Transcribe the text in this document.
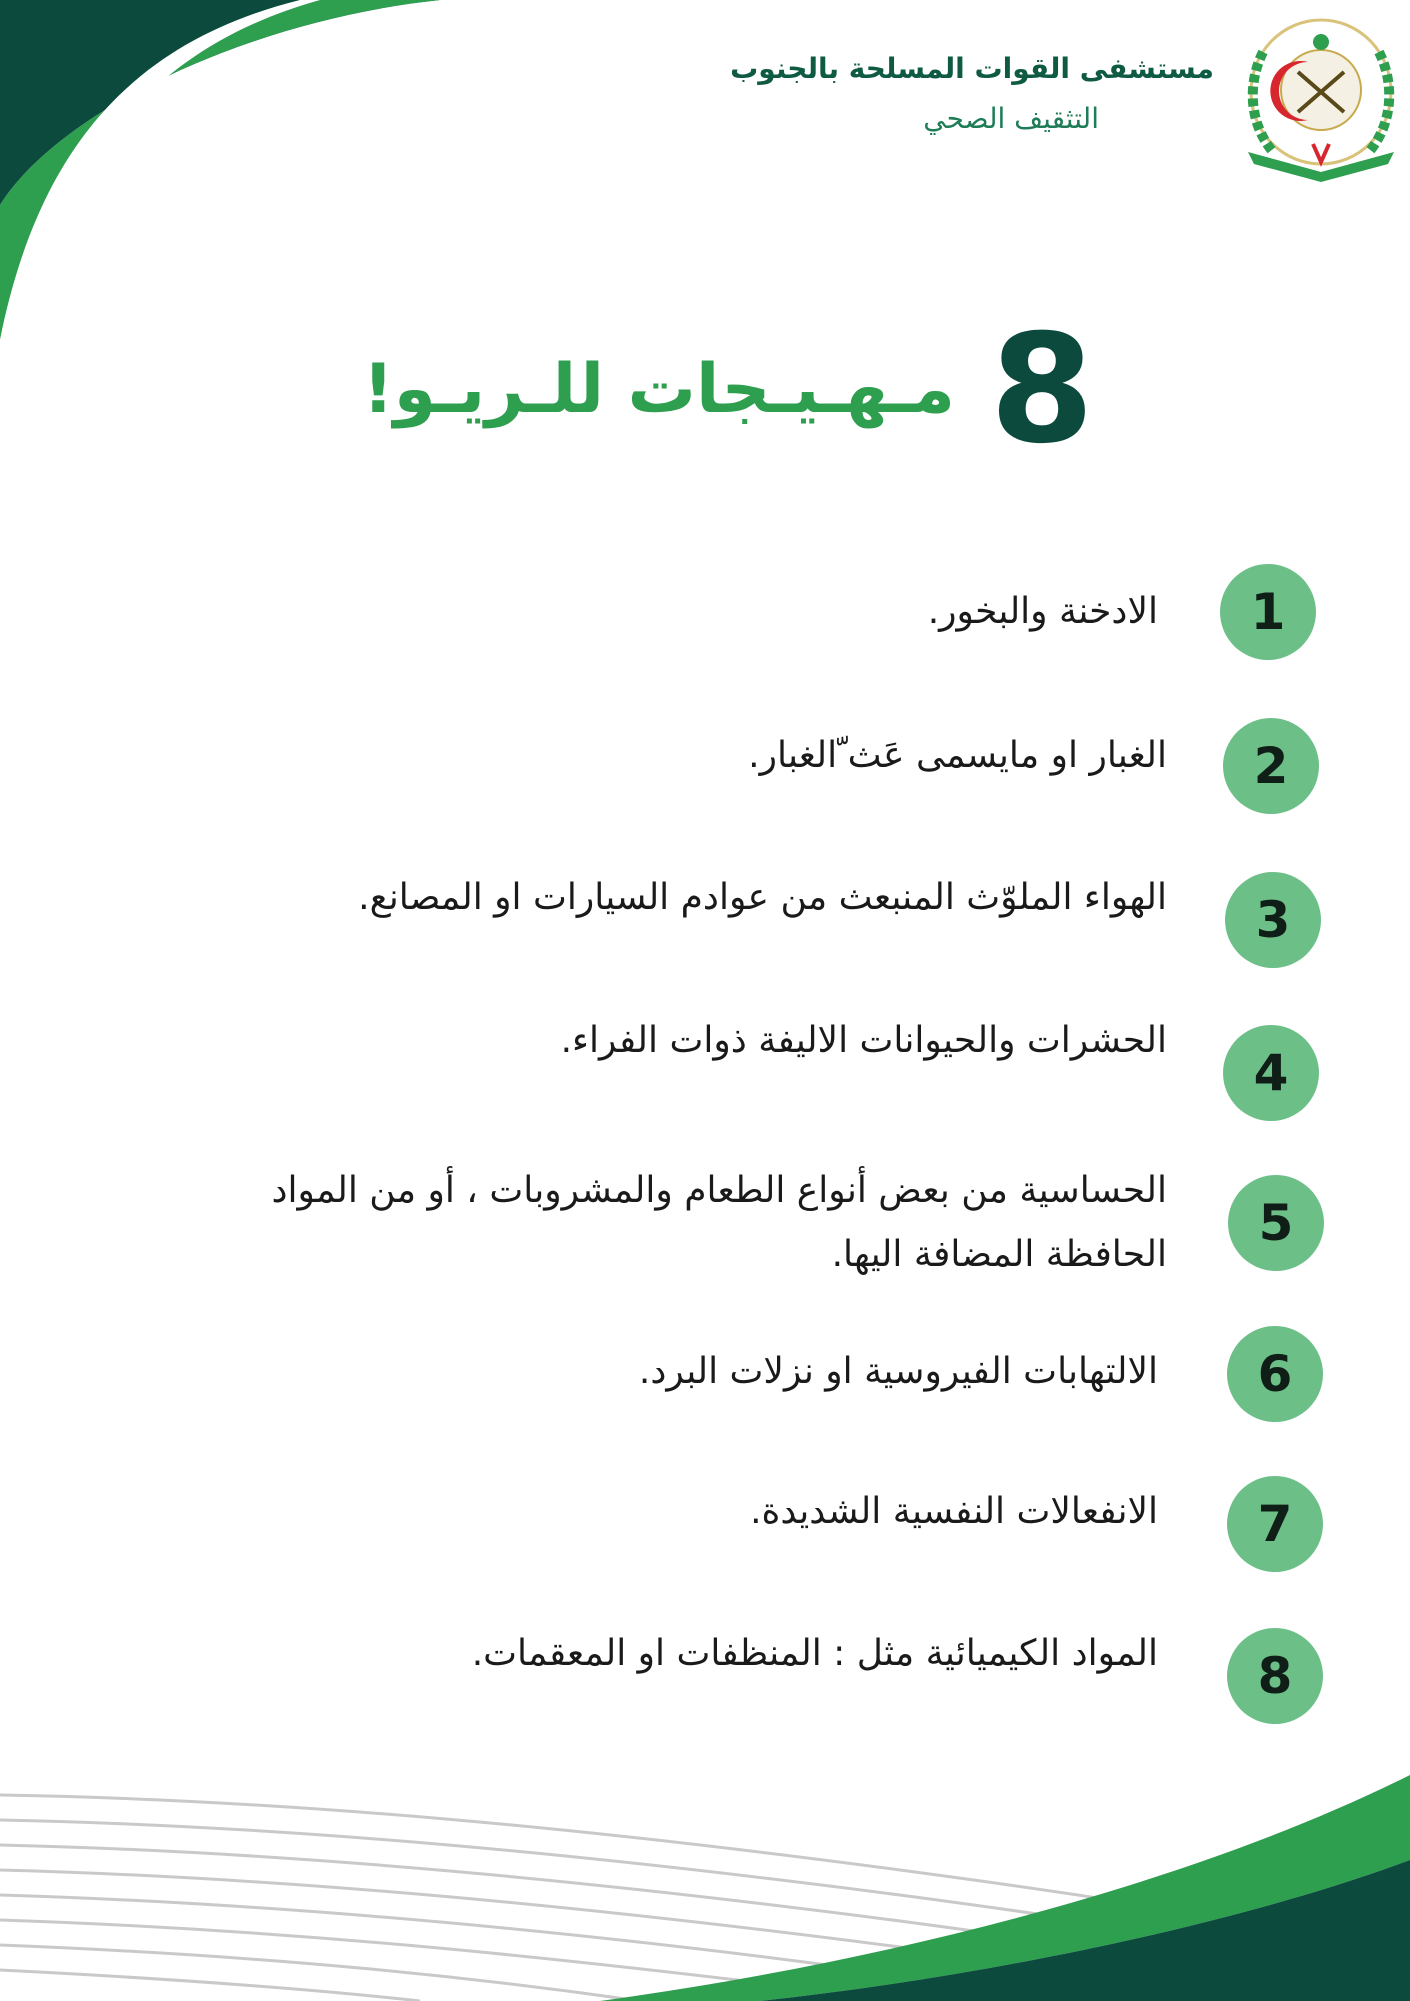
مستشفى القوات المسلحة بالجنوب
التثقيف الصحي
8
مـهـيـجات للـريـو!
1
الادخنة والبخور.
2
الغبار او مايسمى عَث ّالغبار.
3
الهواء الملوّث المنبعث من عوادم السيارات او المصانع.
4
الحشرات والحيوانات الاليفة ذوات الفراء.
5
الحساسية من بعض أنواع الطعام والمشروبات ، أو من المواد الحافظة المضافة اليها.
6
الالتهابات الفيروسية او نزلات البرد.
7
الانفعالات النفسية الشديدة.
8
المواد الكيميائية مثل : المنظفات او المعقمات.
